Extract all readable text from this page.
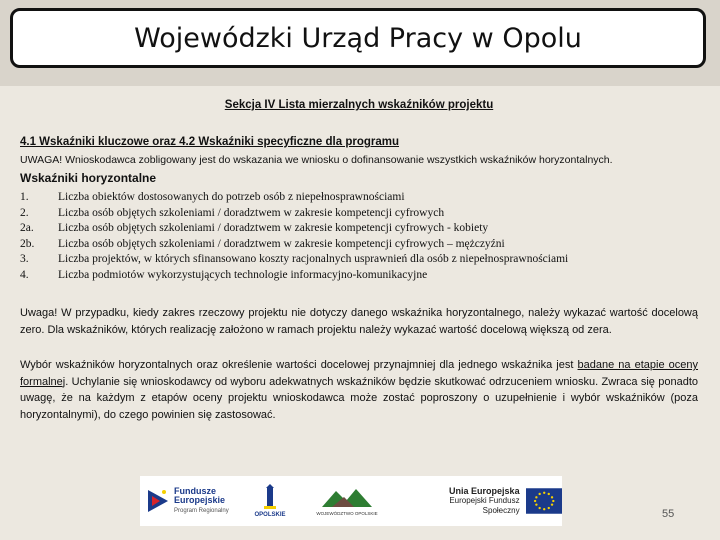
Wojewódzki Urząd Pracy w Opolu
Sekcja IV Lista mierzalnych wskaźników projektu
4.1 Wskaźniki kluczowe oraz 4.2 Wskaźniki specyficzne dla programu
UWAGA! Wnioskodawca zobligowany jest do wskazania we wniosku o dofinansowanie wszystkich wskaźników horyzontalnych.
Wskaźniki horyzontalne
1.	Liczba obiektów dostosowanych do potrzeb osób z niepełnosprawnościami
2.	Liczba osób objętych szkoleniami / doradztwem w zakresie kompetencji cyfrowych
2a.	Liczba osób objętych szkoleniami / doradztwem w zakresie kompetencji cyfrowych - kobiety
2b.	Liczba osób objętych szkoleniami / doradztwem w zakresie kompetencji cyfrowych – mężczyźni
3.	Liczba projektów, w których sfinansowano koszty racjonalnych usprawnień dla osób z niepełnosprawnościami
4.	Liczba podmiotów wykorzystujących technologie informacyjno-komunikacyjne

Uwaga! W przypadku, kiedy zakres rzeczowy projektu nie dotyczy danego wskaźnika horyzontalnego, należy wykazać wartość docelową zero. Dla wskaźników, których realizację założono w ramach projektu należy wykazać wartość docelową większą od zera.

Wybór wskaźników horyzontalnych oraz określenie wartości docelowej przynajmniej dla jednego wskaźnika jest badane na etapie oceny formalnej. Uchylanie się wnioskodawcy od wyboru adekwatnych wskaźników będzie skutkować odrzuceniem wniosku. Zwraca się ponadto uwagę, że na każdym z etapów oceny projektu wnioskodawca może zostać poproszony o uzupełnienie i wybór wskaźników (poza horyzontalnymi), do czego powinien się zastosować.

Fundusze
Europejskie
Program Regionalny
OPOLSKIE	WOJEWÓDZTWO OPOLSKIE
Unia Europejska
Europejski Fundusz Społeczny	55
